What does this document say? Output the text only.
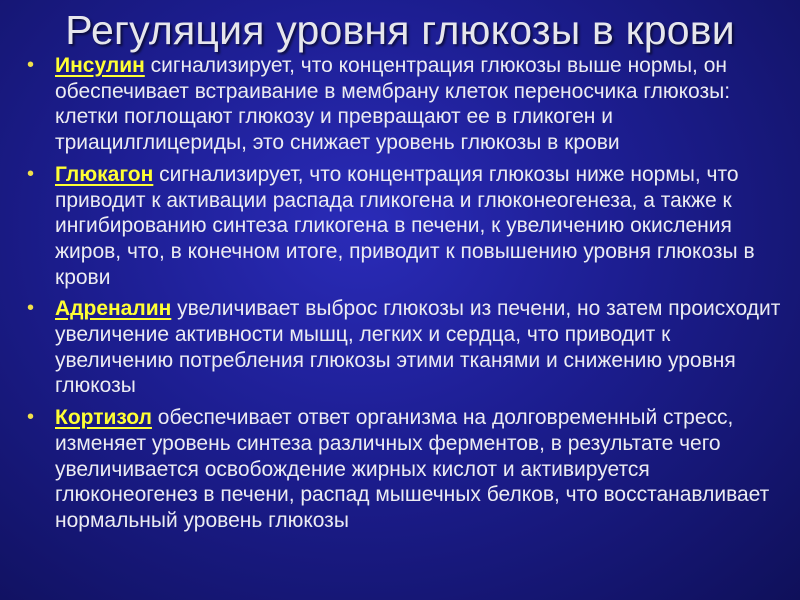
Регуляция уровня глюкозы в крови
• Инсулин сигнализирует, что концентрация глюкозы выше нормы, он обеспечивает встраивание в мембрану клеток переносчика глюкозы: клетки поглощают глюкозу и превращают ее в гликоген и триацилглицериды, это снижает уровень глюкозы в крови
• Глюкагон сигнализирует, что концентрация глюкозы ниже нормы, что приводит к активации распада гликогена и глюконеогенеза, а также к ингибированию синтеза гликогена в печени, к увеличению окисления жиров, что, в конечном итоге, приводит к повышению уровня глюкозы в крови
• Адреналин увеличивает выброс глюкозы из печени, но затем происходит увеличение активности мышц, легких и сердца, что приводит к увеличению потребления глюкозы этими тканями и снижению уровня глюкозы
• Кортизол обеспечивает ответ организма на долговременный стресс, изменяет уровень синтеза различных ферментов, в результате чего увеличивается освобождение жирных кислот и активируется глюконеогенез в печени, распад мышечных белков, что восстанавливает нормальный уровень глюкозы
